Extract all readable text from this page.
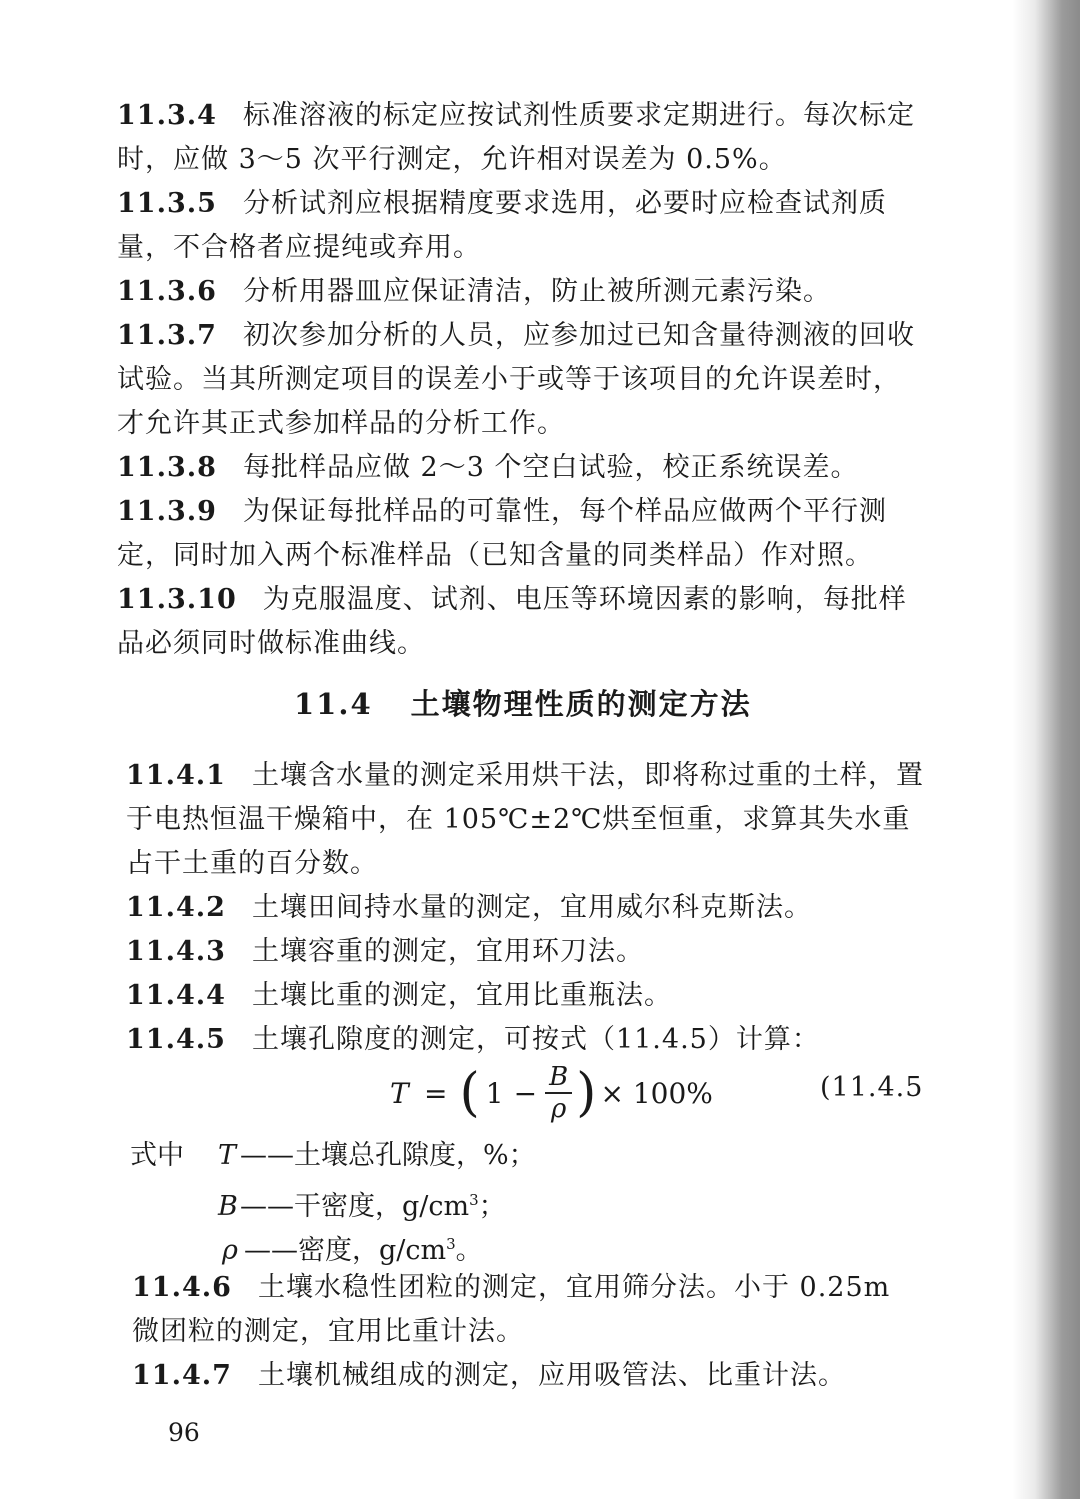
11.3.4 标准溶液的标定应按试剂性质要求定期进行。每次标定
时，应做 3～5 次平行测定，允许相对误差为 0.5%。
11.3.5 分析试剂应根据精度要求选用，必要时应检查试剂质
量，不合格者应提纯或弃用。
11.3.6 分析用器皿应保证清洁，防止被所测元素污染。
11.3.7 初次参加分析的人员，应参加过已知含量待测液的回收
试验。当其所测定项目的误差小于或等于该项目的允许误差时，
才允许其正式参加样品的分析工作。
11.3.8 每批样品应做 2～3 个空白试验，校正系统误差。
11.3.9 为保证每批样品的可靠性，每个样品应做两个平行测
定，同时加入两个标准样品（已知含量的同类样品）作对照。
11.3.10 为克服温度、试剂、电压等环境因素的影响，每批样
品必须同时做标准曲线。
11.4 土壤物理性质的测定方法
11.4.1 土壤含水量的测定采用烘干法，即将称过重的土样，置
于电热恒温干燥箱中，在 105℃±2℃烘至恒重，求算其失水重
占干土重的百分数。
11.4.2 土壤田间持水量的测定，宜用威尔科克斯法。
11.4.3 土壤容重的测定，宜用环刀法。
11.4.4 土壤比重的测定，宜用比重瓶法。
11.4.5 土壤孔隙度的测定，可按式（11.4.5）计算：
T = ( $1 - \frac{B}{\rho}$ ) × 100%	(11.4.5
式中 T ——土壤总孔隙度，%；
B——干密度，$g/cm^3$；
ρ ——密度，$g/cm^3$。
11.4.6 土壤水稳性团粒的测定，宜用筛分法。小于 0.25m
微团粒的测定，宜用比重计法。
11.4.7 土壤机械组成的测定，应用吸管法、比重计法。
96
